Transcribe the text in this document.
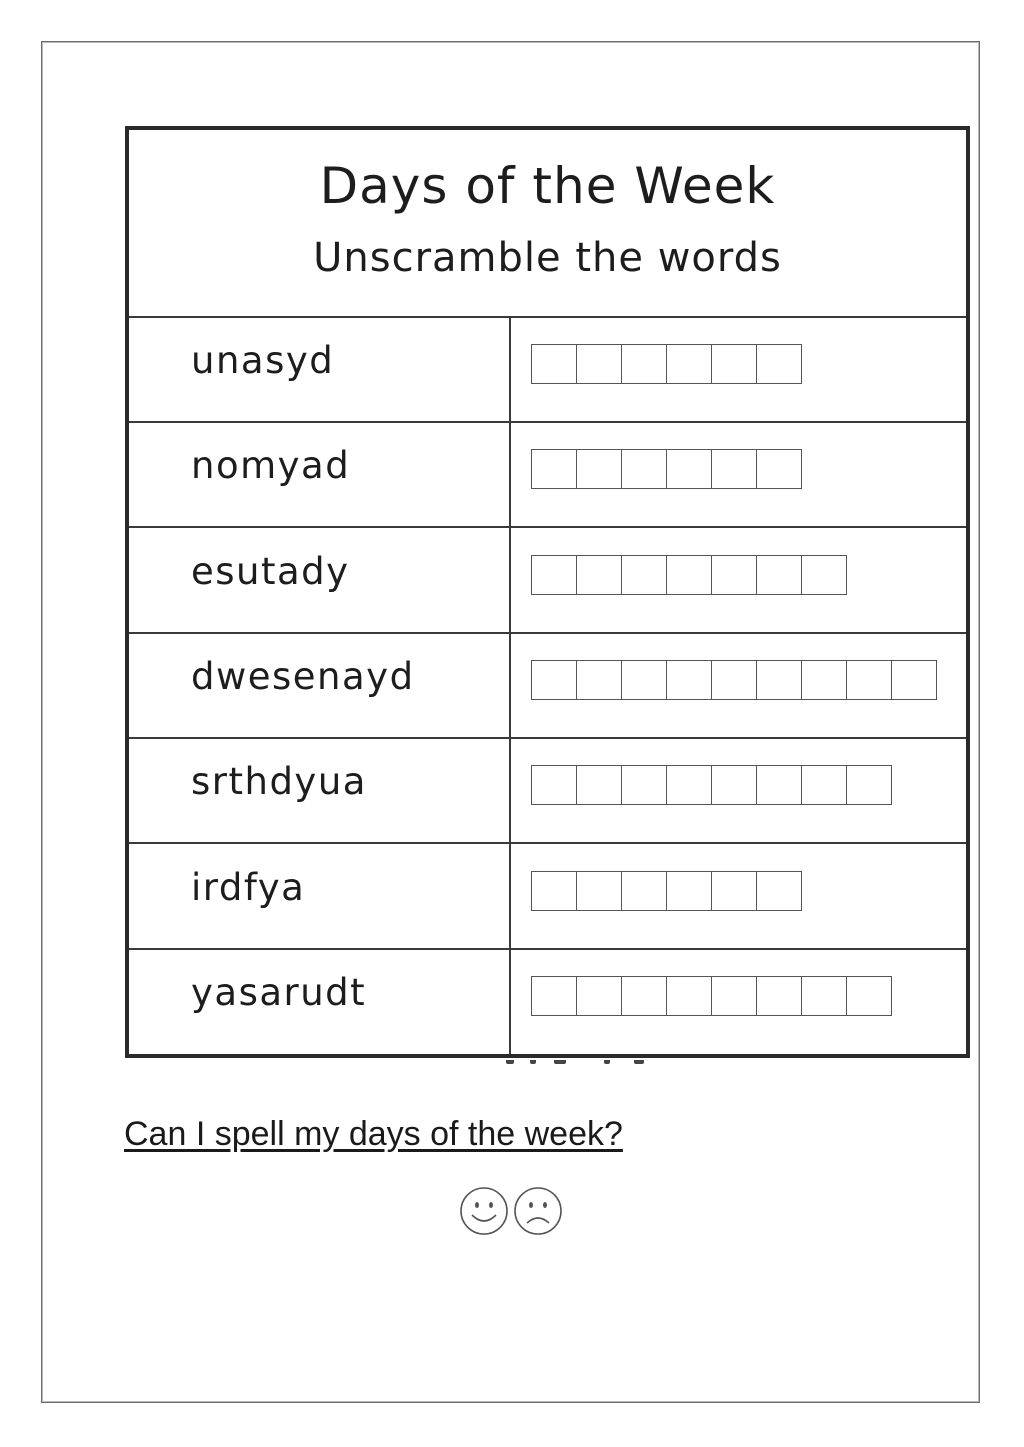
Days of the Week
Unscramble the words
unasyd
nomyad
esutady
dwesenayd
srthdyua
irdfya
yasarudt
Can I spell my days of the week?
